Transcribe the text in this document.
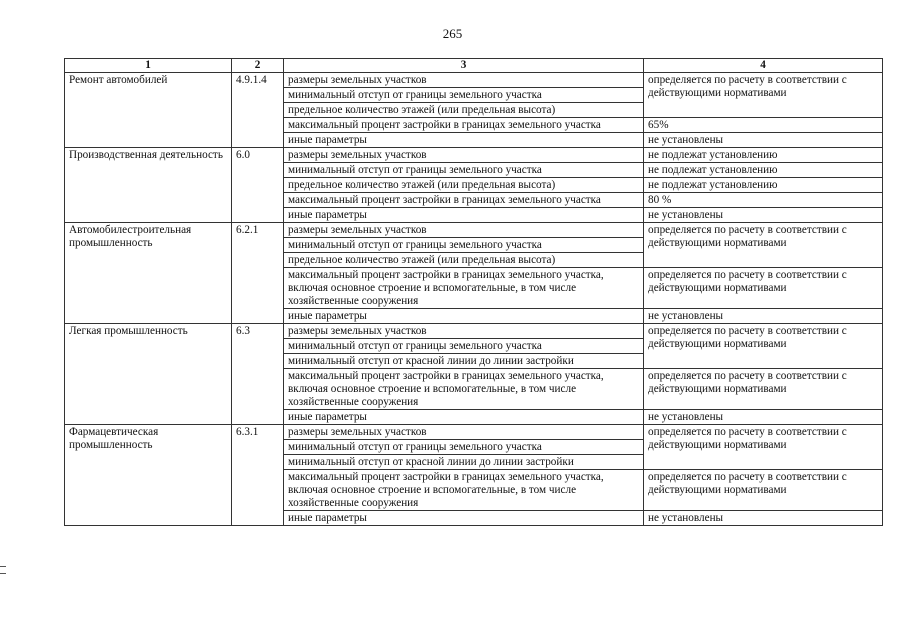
265
1	2	3	4
Ремонт автомобилей	4.9.1.4	размеры земельных участков	определяется по расчету в соответствии с действующими нормативами
		минимальный отступ от границы земельного участка	
		предельное количество этажей (или предельная высота)	
		максимальный процент застройки в границах земельного участка	65%
		иные параметры	не установлены
Производственная деятельность	6.0	размеры земельных участков	не подлежат установлению
		минимальный отступ от границы земельного участка	не подлежат установлению
		предельное количество этажей (или предельная высота)	не подлежат установлению
		максимальный процент застройки в границах земельного участка	80 %
		иные параметры	не установлены
Автомобилестроительная промышленность	6.2.1	размеры земельных участков	определяется по расчету в соответствии с действующими нормативами
		минимальный отступ от границы земельного участка	
		предельное количество этажей (или предельная высота)	
		максимальный процент застройки в границах земельного участка, включая основное строение и вспомогательные, в том числе хозяйственные сооружения	определяется по расчету в соответствии с действующими нормативами
		иные параметры	не установлены
Легкая промышленность	6.3	размеры земельных участков	определяется по расчету в соответствии с действующими нормативами
		минимальный отступ от границы земельного участка	
		минимальный отступ от красной линии до линии застройки	
		максимальный процент застройки в границах земельного участка, включая основное строение и вспомогательные, в том числе хозяйственные сооружения	определяется по расчету в соответствии с действующими нормативами
		иные параметры	не установлены
Фармацевтическая промышленность	6.3.1	размеры земельных участков	определяется по расчету в соответствии с действующими нормативами
		минимальный отступ от границы земельного участка	
		минимальный отступ от красной линии до линии застройки	
		максимальный процент застройки в границах земельного участка, включая основное строение и вспомогательные, в том числе хозяйственные сооружения	определяется по расчету в соответствии с действующими нормативами
		иные параметры	не установлены
